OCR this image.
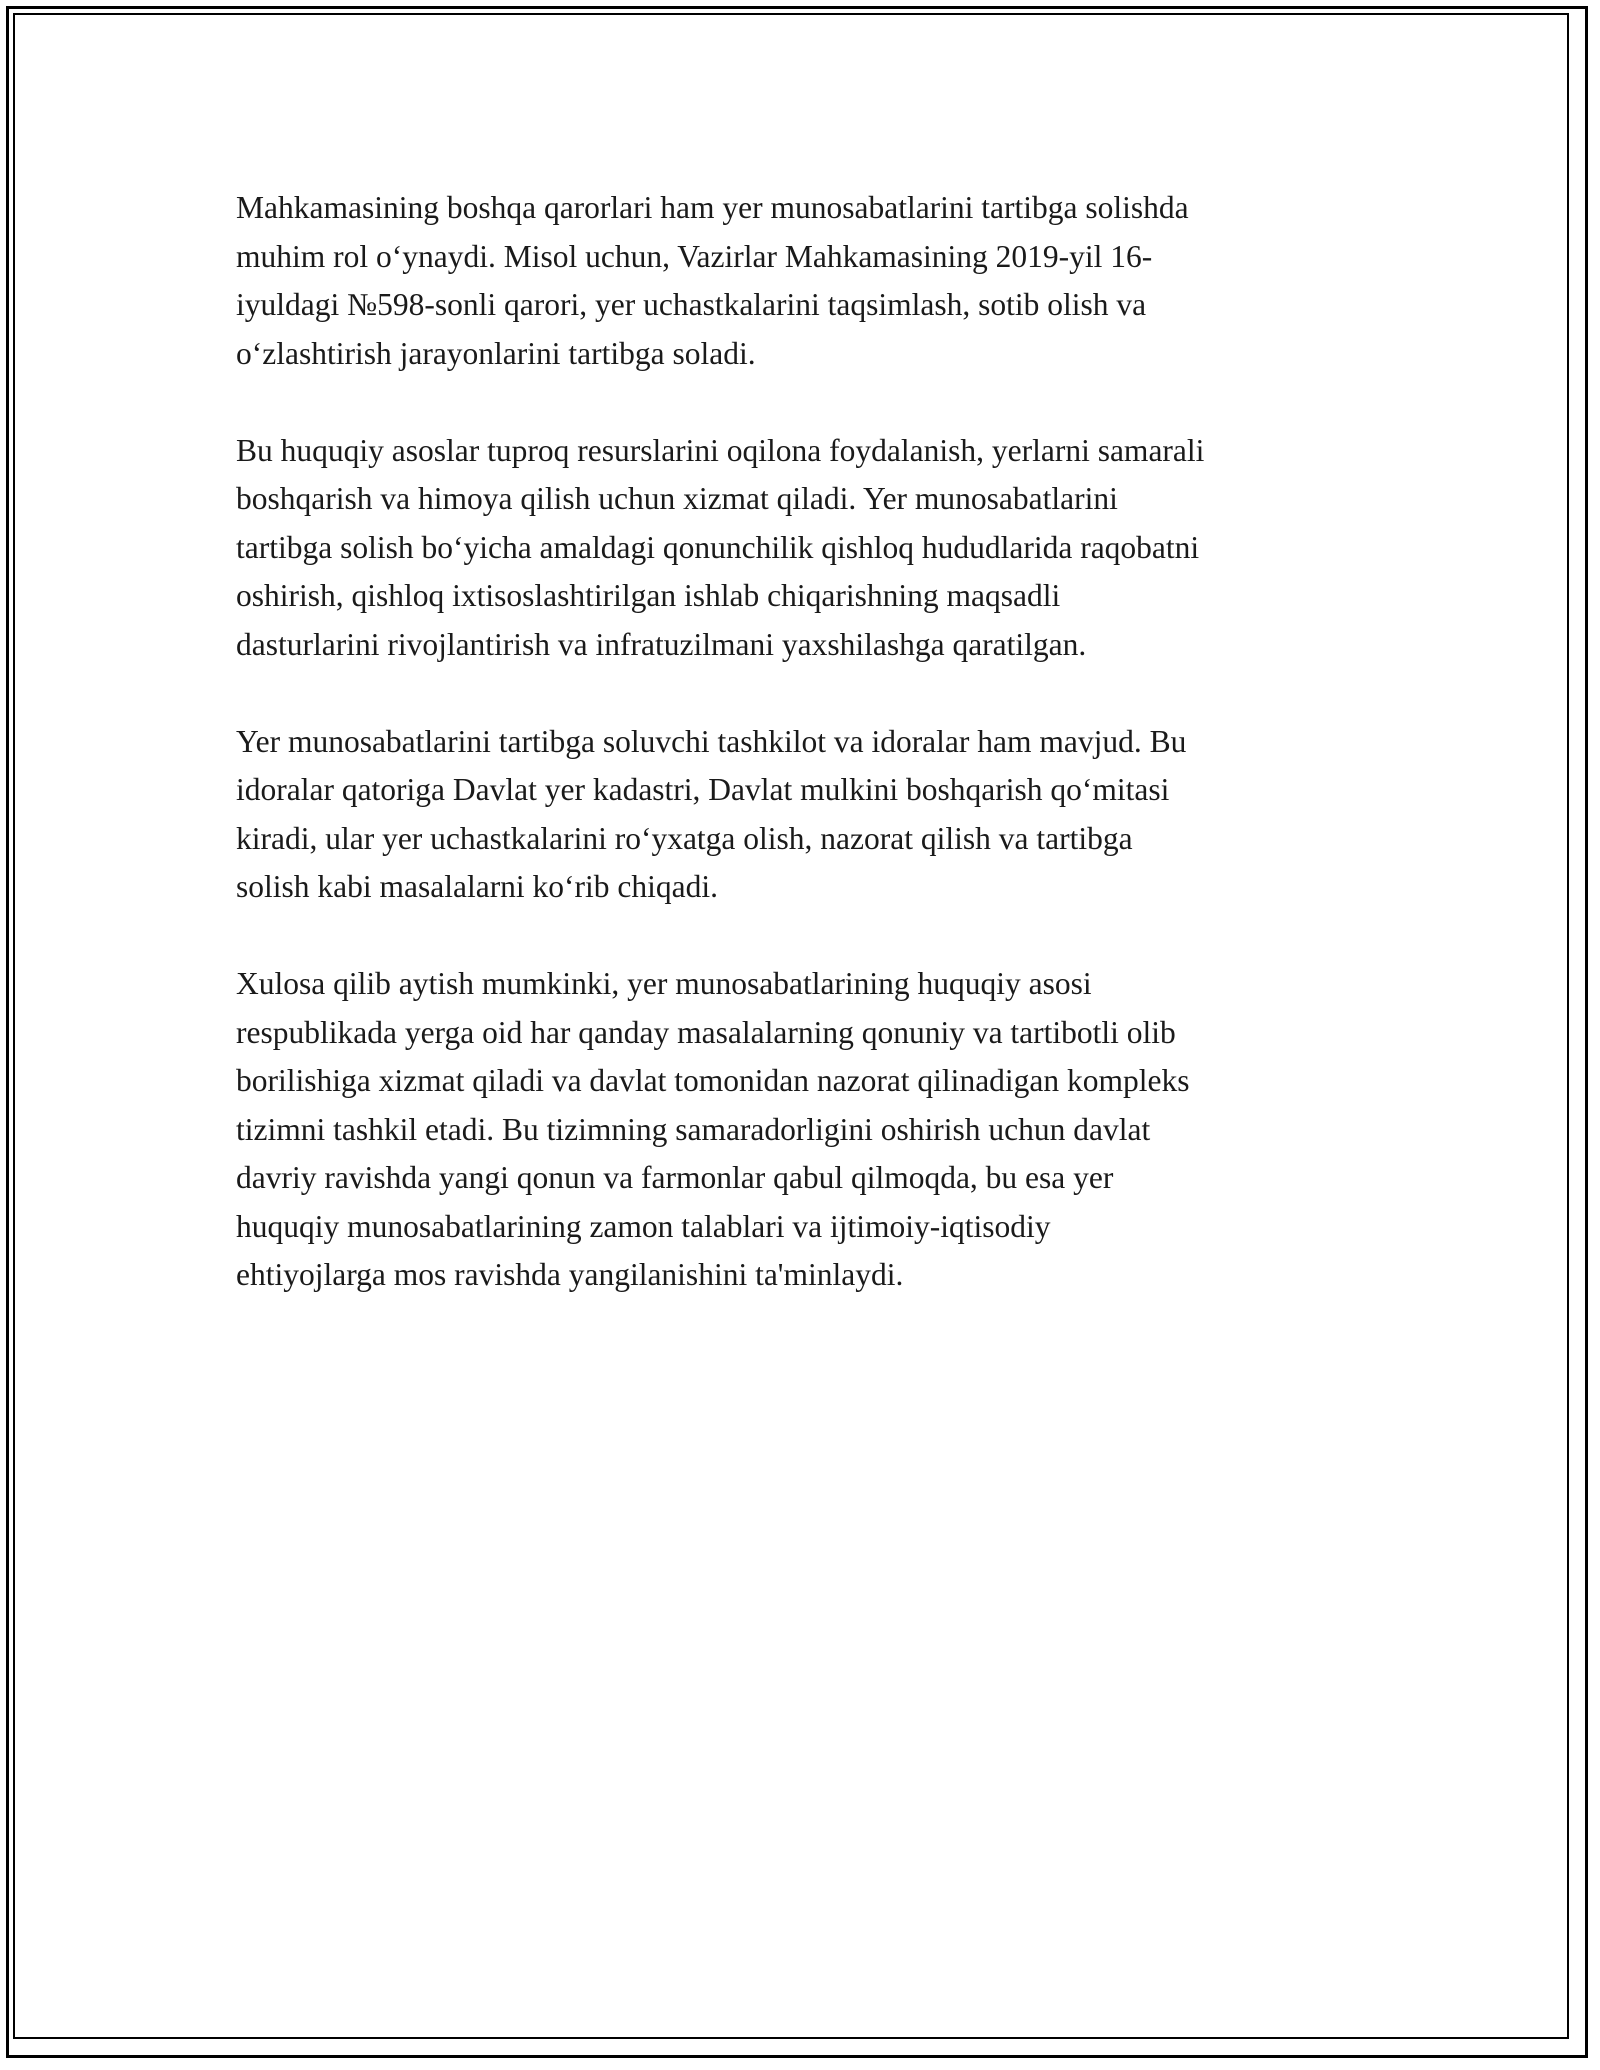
Mahkamasining boshqa qarorlari ham yer munosabatlarini tartibga solishda
muhim rol o‘ynaydi. Misol uchun, Vazirlar Mahkamasining 2019-yil 16-
iyuldagi №598-sonli qarori, yer uchastkalarini taqsimlash, sotib olish va
o‘zlashtirish jarayonlarini tartibga soladi.

Bu huquqiy asoslar tuproq resurslarini oqilona foydalanish, yerlarni samarali
boshqarish va himoya qilish uchun xizmat qiladi. Yer munosabatlarini
tartibga solish bo‘yicha amaldagi qonunchilik qishloq hududlarida raqobatni
oshirish, qishloq ixtisoslashtirilgan ishlab chiqarishning maqsadli
dasturlarini rivojlantirish va infratuzilmani yaxshilashga qaratilgan.

Yer munosabatlarini tartibga soluvchi tashkilot va idoralar ham mavjud. Bu
idoralar qatoriga Davlat yer kadastri, Davlat mulkini boshqarish qo‘mitasi
kiradi, ular yer uchastkalarini ro‘yxatga olish, nazorat qilish va tartibga
solish kabi masalalarni ko‘rib chiqadi.

Xulosa qilib aytish mumkinki, yer munosabatlarining huquqiy asosi
respublikada yerga oid har qanday masalalarning qonuniy va tartibotli olib
borilishiga xizmat qiladi va davlat tomonidan nazorat qilinadigan kompleks
tizimni tashkil etadi. Bu tizimning samaradorligini oshirish uchun davlat
davriy ravishda yangi qonun va farmonlar qabul qilmoqda, bu esa yer
huquqiy munosabatlarining zamon talablari va ijtimoiy-iqtisodiy
ehtiyojlarga mos ravishda yangilanishini ta'minlaydi.
